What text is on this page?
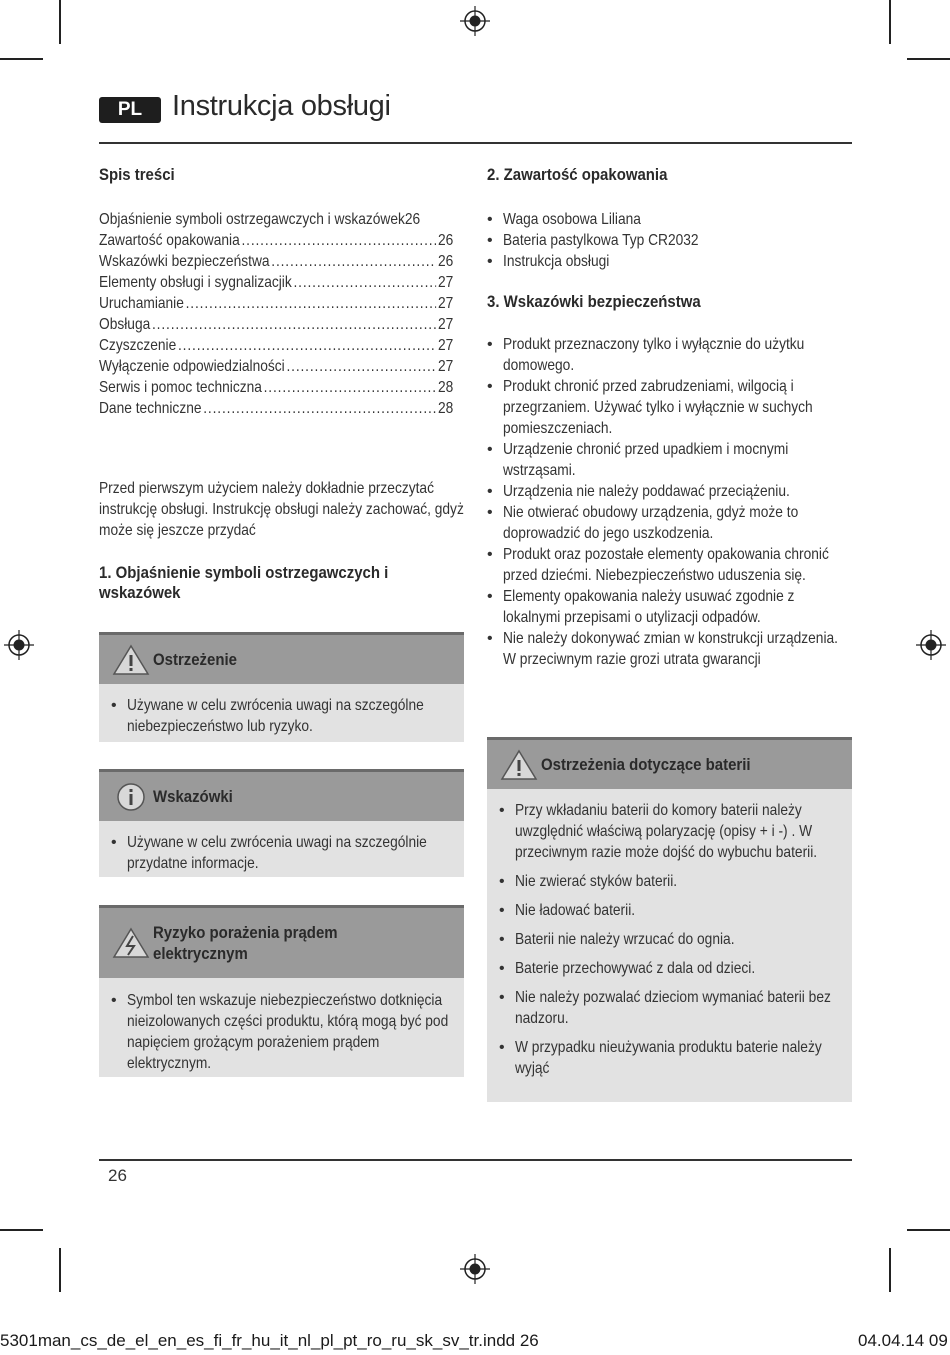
PL	Instrukcja obsługi
Spis treści
Objaśnienie symboli ostrzegawczych i wskazówek 26
Zawartość opakowania .....	26
Wskazówki bezpieczeństwa .....	26
Elementy obsługi i sygnalizacjik .....	27
Uruchamianie .....	27
Obsługa .....	27
Czyszczenie .....	27
Wyłączenie odpowiedzialności .....	27
Serwis i pomoc techniczna .....	28
Dane techniczne .....	28
Przed pierwszym użyciem należy dokładnie przeczytać instrukcję obsługi. Instrukcję obsługi należy zachować, gdyż może się jeszcze przydać
1. Objaśnienie symboli ostrzegawczych i
wskazówek
Ostrzeżenie
• Używane w celu zwrócenia uwagi na szczególne niebezpieczeństwo lub ryzyko.
Wskazówki
• Używane w celu zwrócenia uwagi na szczególnie przydatne informacje.
Ryzyko porażenia prądem
elektrycznym
• Symbol ten wskazuje niebezpieczeństwo dotknięcia nieizolowanych części produktu, którą mogą być pod napięciem grożącym porażeniem prądem elektrycznym.
2. Zawartość opakowania
• Waga osobowa Liliana
• Bateria pastylkowa Typ CR2032
• Instrukcja obsługi
3. Wskazówki bezpieczeństwa
• Produkt przeznaczony tylko i wyłącznie do użytku domowego.
• Produkt chronić przed zabrudzeniami, wilgocią i przegrzaniem. Używać tylko i wyłącznie w suchych pomieszczeniach.
• Urządzenie chronić przed upadkiem i mocnymi wstrząsami.
• Urządzenia nie należy poddawać przeciążeniu.
• Nie otwierać obudowy urządzenia, gdyż może to doprowadzić do jego uszkodzenia.
• Produkt oraz pozostałe elementy opakowania chronić przed dziećmi. Niebezpieczeństwo uduszenia się.
• Elementy opakowania należy usuwać zgodnie z lokalnymi przepisami o utylizacji odpadów.
• Nie należy dokonywać zmian w konstrukcji urządzenia. W przeciwnym razie grozi utrata gwarancji
Ostrzeżenia dotyczące baterii
• Przy wkładaniu baterii do komory baterii należy uwzględnić właściwą polaryzację (opisy + i -) . W przeciwnym razie może dojść do wybuchu baterii.
• Nie zwierać styków baterii.
• Nie ładować baterii.
• Baterii nie należy wrzucać do ognia.
• Baterie przechowywać z dala od dzieci.
• Nie należy pozwalać dzieciom wymaniać baterii bez nadzoru.
• W przypadku nieużywania produktu baterie należy wyjąć
26
5301man_cs_de_el_en_es_fi_fr_hu_it_nl_pl_pt_ro_ru_sk_sv_tr.indd 26	04.04.14 09
